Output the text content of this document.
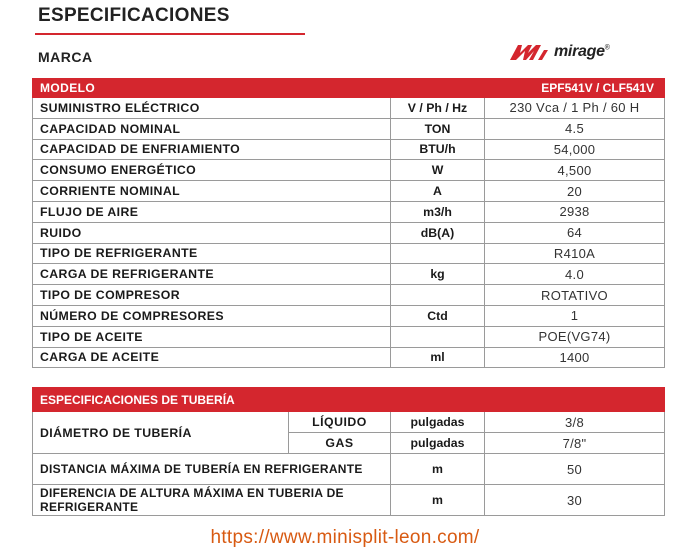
ESPECIFICACIONES
MARCA	mirage®
MODELO	EPF541V / CLF541V	
SUMINISTRO ELÉCTRICO	V / Ph / Hz	230 Vca / 1 Ph / 60 H
CAPACIDAD NOMINAL	TON	4.5
CAPACIDAD DE ENFRIAMIENTO	BTU/h	54,000
CONSUMO ENERGÉTICO	W	4,500
CORRIENTE NOMINAL	A	20
FLUJO DE AIRE	m3/h	2938
RUIDO	dB(A)	64
TIPO DE REFRIGERANTE		R410A
CARGA DE REFRIGERANTE	kg	4.0
TIPO DE COMPRESOR		ROTATIVO
NÚMERO DE COMPRESORES	Ctd	1
TIPO DE ACEITE		POE(VG74)
CARGA DE ACEITE	ml	1400
ESPECIFICACIONES DE TUBERÍA			
DIÁMETRO DE TUBERÍA	LÍQUIDO	pulgadas	3/8
	GAS	pulgadas	7/8"
DISTANCIA MÁXIMA DE TUBERÍA EN REFRIGERANTE		m	50
DIFERENCIA DE ALTURA MÁXIMA EN TUBERIA DE REFRIGERANTE		m	30
https://www.minisplit-leon.com/
